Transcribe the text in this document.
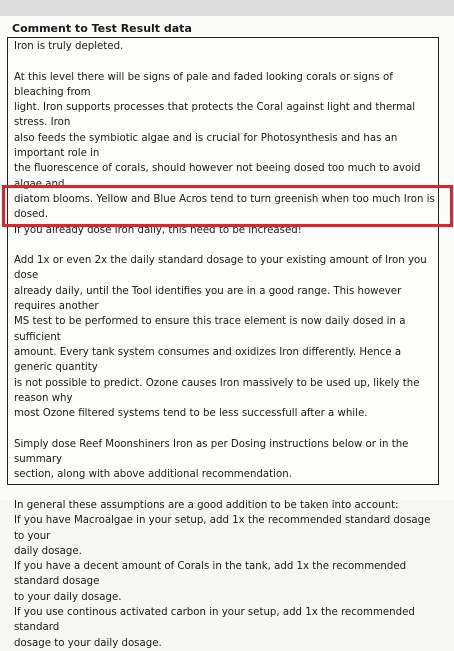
Comment to Test Result data

Iron is truly depleted.

At this level there will be signs of pale and faded looking corals or signs of bleaching from
light. Iron supports processes that protects the Coral against light and thermal stress. Iron
also feeds the symbiotic algae and is crucial for Photosynthesis and has an important role in
the fluorescence of corals, should however not beeing dosed too much to avoid algae and
diatom blooms. Yellow and Blue Acros tend to turn greenish when too much Iron is dosed.
If you already dose Iron daily, this need to be increased!

Add 1x or even 2x the daily standard dosage to your existing amount of Iron you dose
already daily, until the Tool identifies you are in a good range. This however requires another
MS test to be performed to ensure this trace element is now daily dosed in a sufficient
amount. Every tank system consumes and oxidizes Iron differently. Hence a generic quantity
is not possible to predict. Ozone causes Iron massively to be used up, likely the reason why
most Ozone filtered systems tend to be less successfull after a while.

Simply dose Reef Moonshiners Iron as per Dosing instructions below or in the summary
section, along with above additional recommendation.

In general these assumptions are a good addition to be taken into account:
If you have Macroalgae in your setup, add 1x the recommended standard dosage to your
daily dosage.
If you have a decent amount of Corals in the tank, add 1x the recommended standard dosage
to your daily dosage.
If you use continous activated carbon in your setup, add 1x the recommended standard
dosage to your daily dosage.
